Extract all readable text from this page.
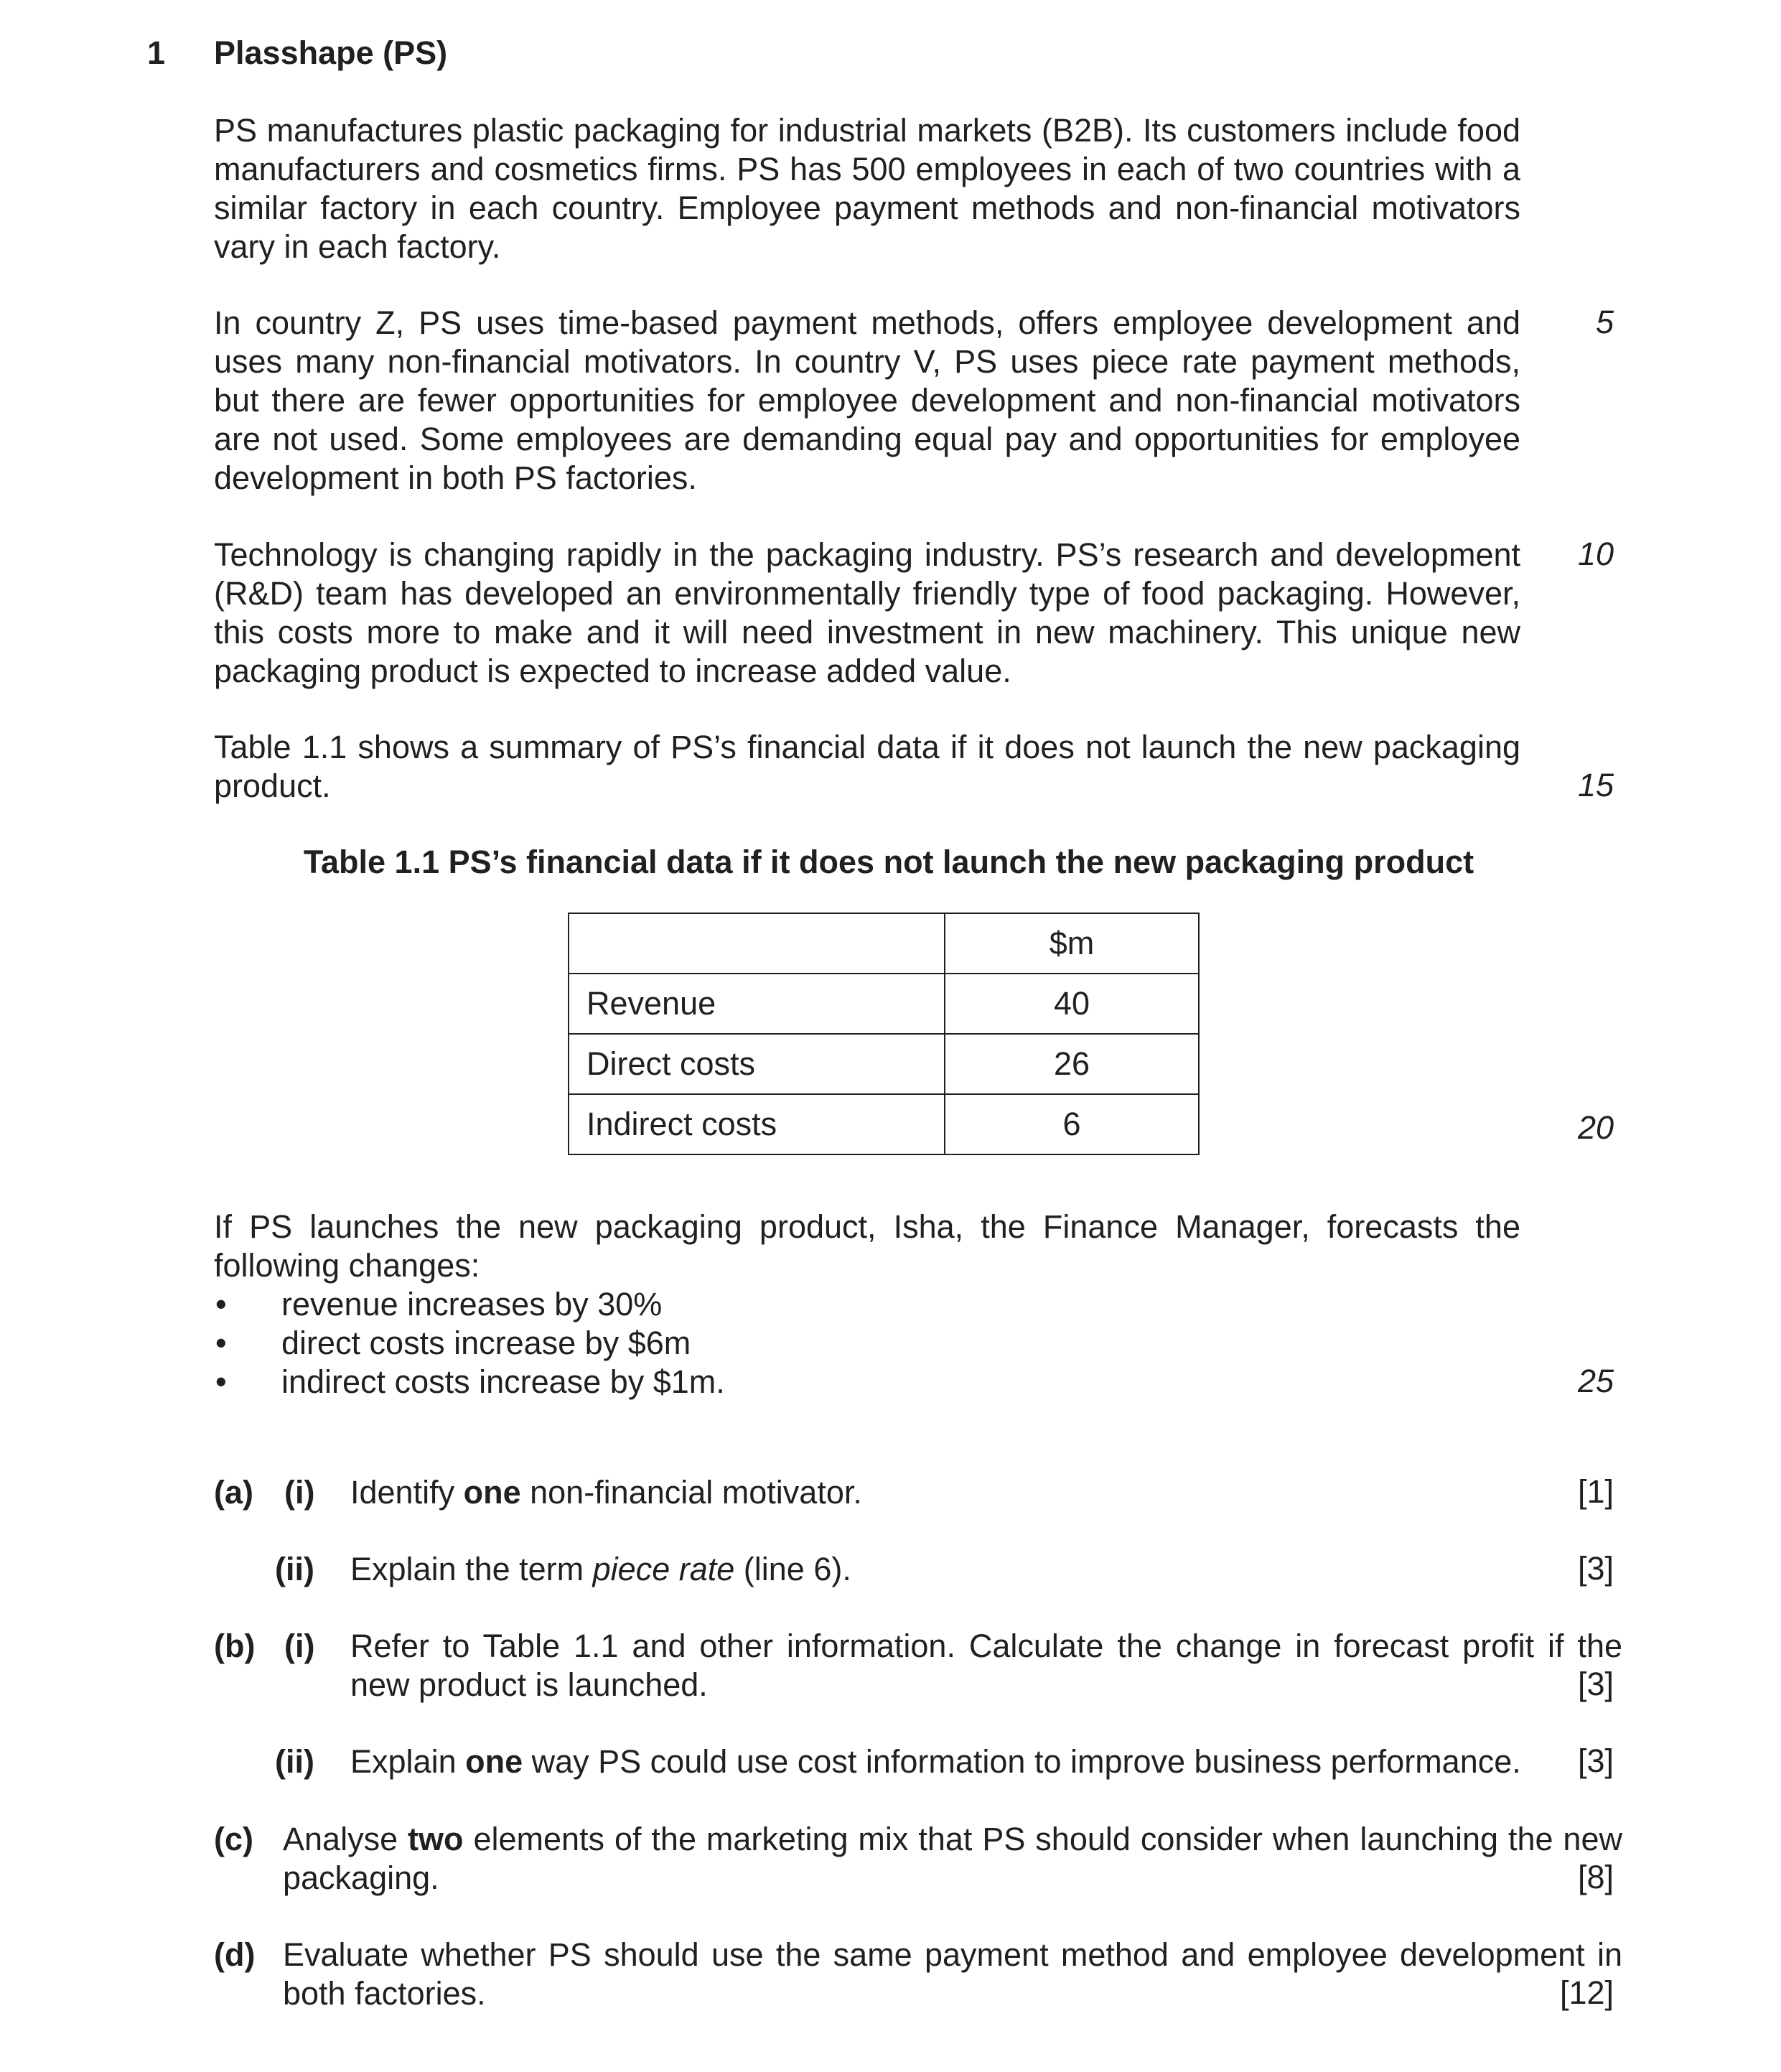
1 Plasshape (PS)
PS manufactures plastic packaging for industrial markets (B2B). Its customers include food manufacturers and cosmetics firms. PS has 500 employees in each of two countries with a similar factory in each country. Employee payment methods and non-financial motivators vary in each factory.
In country Z, PS uses time-based payment methods, offers employee development and uses many non-financial motivators. In country V, PS uses piece rate payment methods, but there are fewer opportunities for employee development and non-financial motivators are not used. Some employees are demanding equal pay and opportunities for employee development in both PS factories.
Technology is changing rapidly in the packaging industry. PS’s research and development (R&D) team has developed an environmentally friendly type of food packaging. However, this costs more to make and it will need investment in new machinery. This unique new packaging product is expected to increase added value.
Table 1.1 shows a summary of PS’s financial data if it does not launch the new packaging product.
5
10
15
20
25
Table 1.1 PS’s financial data if it does not launch the new packaging product
	$m
Revenue	40
Direct costs	26
Indirect costs	6
If PS launches the new packaging product, Isha, the Finance Manager, forecasts the following changes:
•	revenue increases by 30%
•	direct costs increase by $6m
•	indirect costs increase by $1m.
(a) (i) Identify one non-financial motivator.	[1]
(ii) Explain the term piece rate (line 6).	[3]
(b) (i) Refer to Table 1.1 and other information. Calculate the change in forecast profit if the new product is launched.	[3]
(ii) Explain one way PS could use cost information to improve business performance. [3]
(c) Analyse two elements of the marketing mix that PS should consider when launching the new packaging.	[8]
(d) Evaluate whether PS should use the same payment method and employee development in both factories.	[12]
